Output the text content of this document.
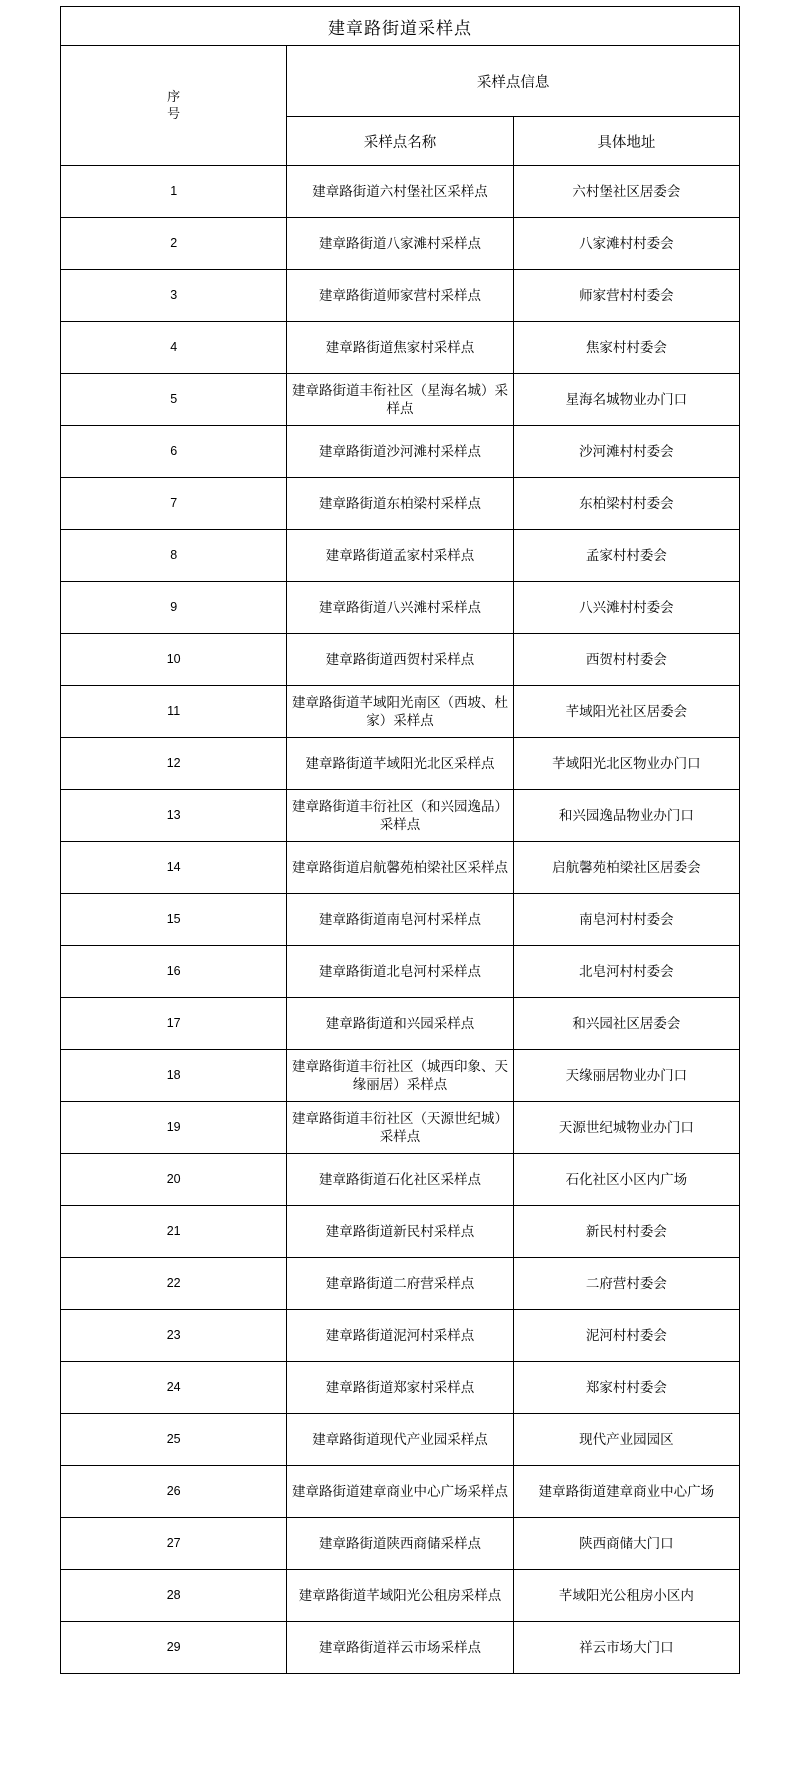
建章路街道采样点		

序
号	采样点信息	
	采样点名称	具体地址
1	建章路街道六村堡社区采样点	六村堡社区居委会
2	建章路街道八家滩村采样点	八家滩村村委会
3	建章路街道师家营村采样点	师家营村村委会
4	建章路街道焦家村采样点	焦家村村委会
5	建章路街道丰衔社区（星海名城）采样点	星海名城物业办门口
6	建章路街道沙河滩村采样点	沙河滩村村委会
7	建章路街道东柏梁村采样点	东柏梁村村委会
8	建章路街道孟家村采样点	孟家村村委会
9	建章路街道八兴滩村采样点	八兴滩村村委会
10	建章路街道西贺村采样点	西贺村村委会
11	建章路街道芊域阳光南区（西坡、杜家）采样点	芊域阳光社区居委会
12	建章路街道芊域阳光北区采样点	芊域阳光北区物业办门口
13	建章路街道丰衍社区（和兴园逸品）采样点	和兴园逸品物业办门口
14	建章路街道启航馨苑柏梁社区采样点	启航馨苑柏梁社区居委会
15	建章路街道南皂河村采样点	南皂河村村委会
16	建章路街道北皂河村采样点	北皂河村村委会
17	建章路街道和兴园采样点	和兴园社区居委会
18	建章路街道丰衍社区（城西印象、天缘丽居）采样点	天缘丽居物业办门口
19	建章路街道丰衍社区（天源世纪城）采样点	天源世纪城物业办门口
20	建章路街道石化社区采样点	石化社区小区内广场
21	建章路街道新民村采样点	新民村村委会
22	建章路街道二府营采样点	二府营村委会
23	建章路街道泥河村采样点	泥河村村委会
24	建章路街道郑家村采样点	郑家村村委会
25	建章路街道现代产业园采样点	现代产业园园区
26	建章路街道建章商业中心广场采样点	建章路街道建章商业中心广场
27	建章路街道陕西商储采样点	陕西商储大门口
28	建章路街道芊域阳光公租房采样点	芊域阳光公租房小区内
29	建章路街道祥云市场采样点	祥云市场大门口
